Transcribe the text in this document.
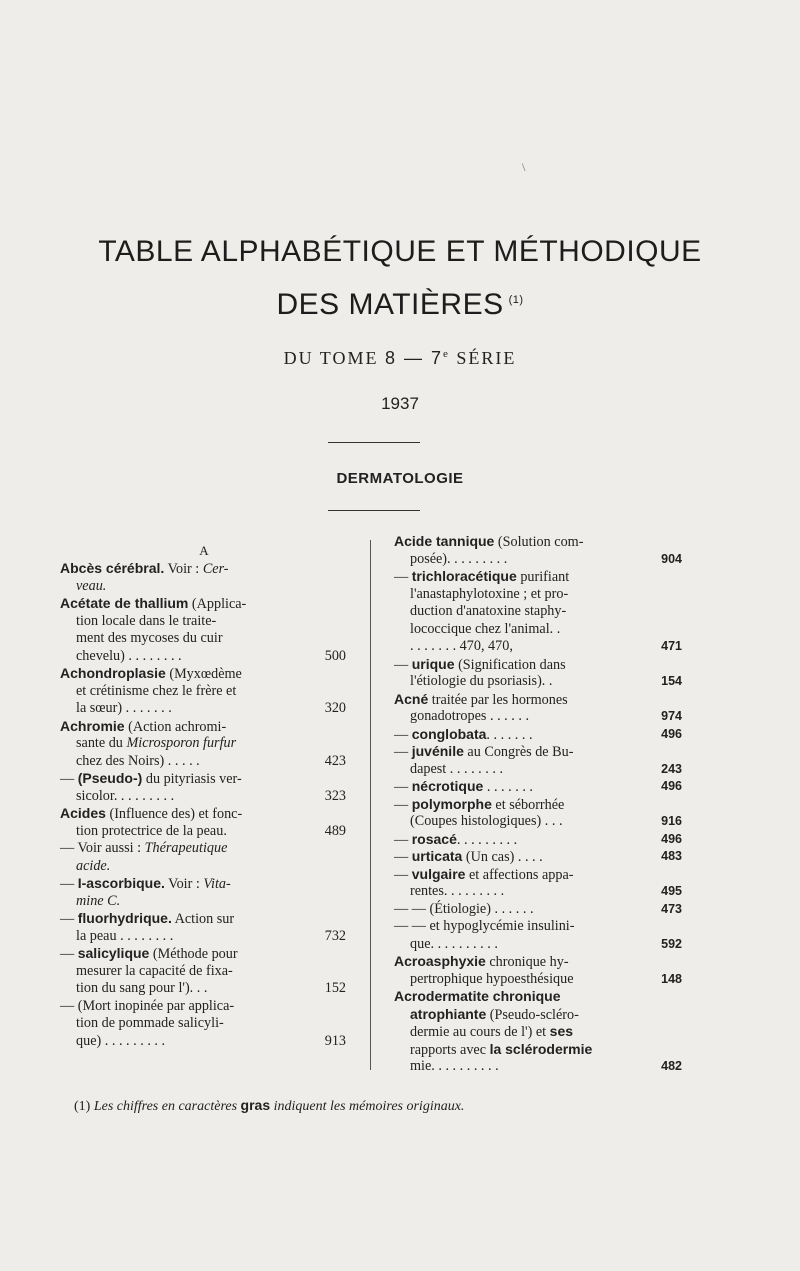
\
TABLE ALPHABÉTIQUE ET MÉTHODIQUE
DES MATIÈRES $^{(1)}$
DU TOME 8 — 7e SÉRIE
1937
DERMATOLOGIE
A
Abcès cérébral. Voir : Cer-
veau.
Acétate de thallium (Applica-
tion locale dans le traite-
ment des mycoses du cuir
chevelu) . . . . . . . .	500
Achondroplasie (Myxœdème
et crétinisme chez le frère et
la sœur) . . . . . . .	320
Achromie (Action achromi-
sante du Microsporon furfur
chez des Noirs) . . . . .	423
— (Pseudo-) du pityriasis ver-
sicolor. . . . . . . . .	323
Acides (Influence des) et fonc-
tion protectrice de la peau.	489
— Voir aussi : Thérapeutique
acide.
— I-ascorbique. Voir : Vita-
mine C.
— fluorhydrique. Action sur
la peau . . . . . . . .	732
— salicylique (Méthode pour
mesurer la capacité de fixa-
tion du sang pour l'). . .	152
— (Mort inopinée par applica-
tion de pommade salicyli-
que) . . . . . . . . .	913
Acide tannique (Solution com-
posée). . . . . . . . .	904
— trichloracétique purifiant
l'anastaphylotoxine ; et pro-
duction d'anatoxine staphy-
lococcique chez l'animal. .
. . . . . . . 470, 470,	471
— urique (Signification dans
l'étiologie du psoriasis). .	154
Acné traitée par les hormones
gonadotropes . . . . . .	974
— conglobata. . . . . . .	496
— juvénile au Congrès de Bu-
dapest . . . . . . . .	243
— nécrotique . . . . . . .	496
— polymorphe et séborrhée
(Coupes histologiques) . . .	916
— rosacé. . . . . . . . .	496
— urticata (Un cas) . . . .	483
— vulgaire et affections appa-
rentes. . . . . . . . .	495
— — (Étiologie) . . . . . .	473
— — et hypoglycémie insulini-
que. . . . . . . . . .	592
Acroasphyxie chronique hy-
pertrophique hypoesthésique	148
Acrodermatite chronique
atrophiante (Pseudo-scléro-
dermie au cours de l') et ses
rapports avec la sclérodermie
mie. . . . . . . . . .	482
(1) Les chiffres en caractères gras indiquent les mémoires originaux.
